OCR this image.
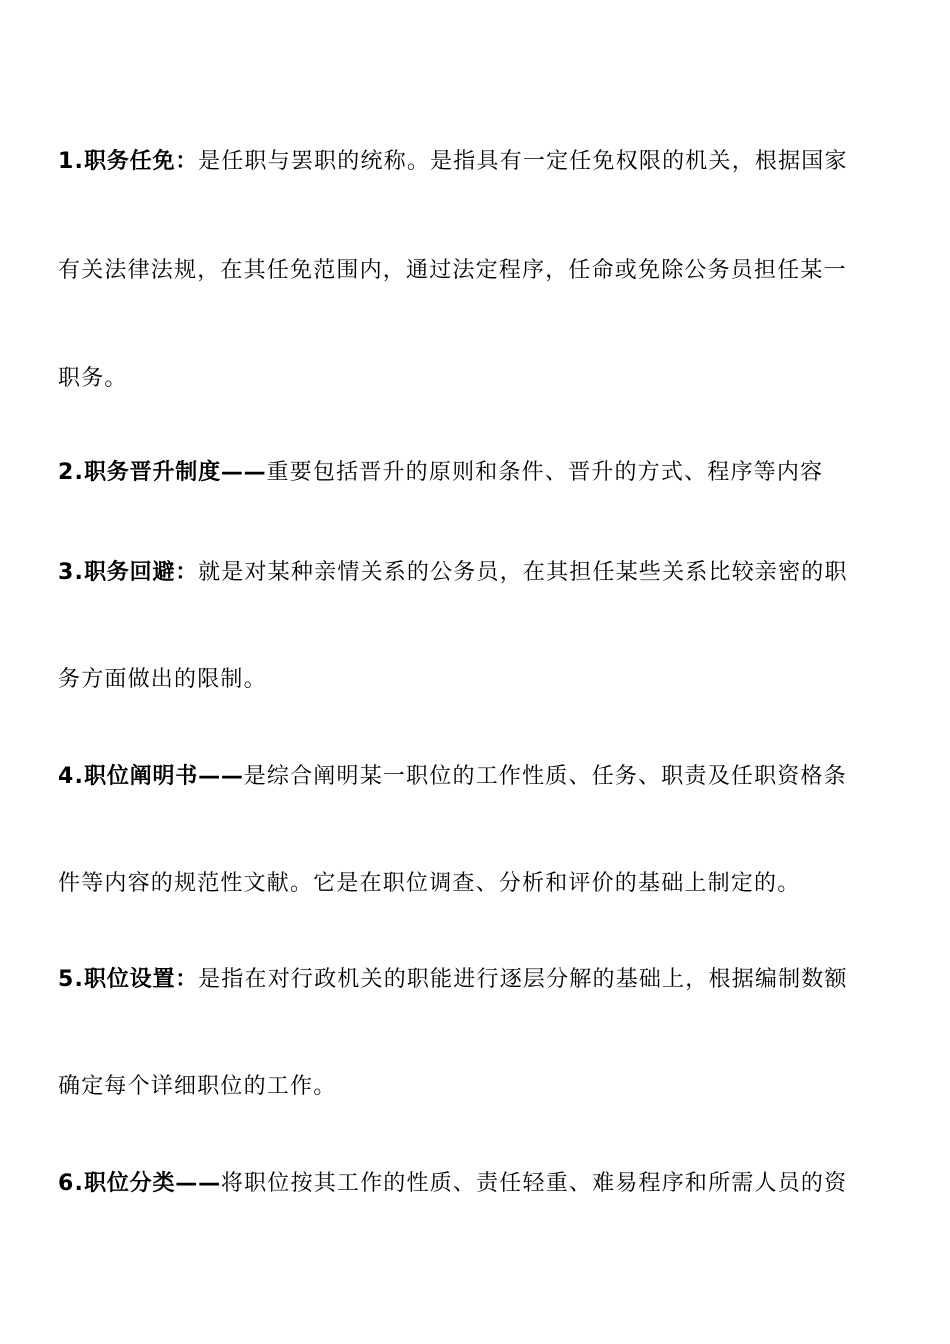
1.职务任免：是任职与罢职的统称。是指具有一定任免权限的机关，根据国家
有关法律法规，在其任免范围内，通过法定程序，任命或免除公务员担任某一
职务。
2.职务晋升制度——重要包括晋升的原则和条件、晋升的方式、程序等内容
3.职务回避：就是对某种亲情关系的公务员，在其担任某些关系比较亲密的职
务方面做出的限制。
4.职位阐明书——是综合阐明某一职位的工作性质、任务、职责及任职资格条
件等内容的规范性文献。它是在职位调查、分析和评价的基础上制定的。
5.职位设置：是指在对行政机关的职能进行逐层分解的基础上，根据编制数额
确定每个详细职位的工作。
6.职位分类——将职位按其工作的性质、责任轻重、难易程序和所需人员的资
